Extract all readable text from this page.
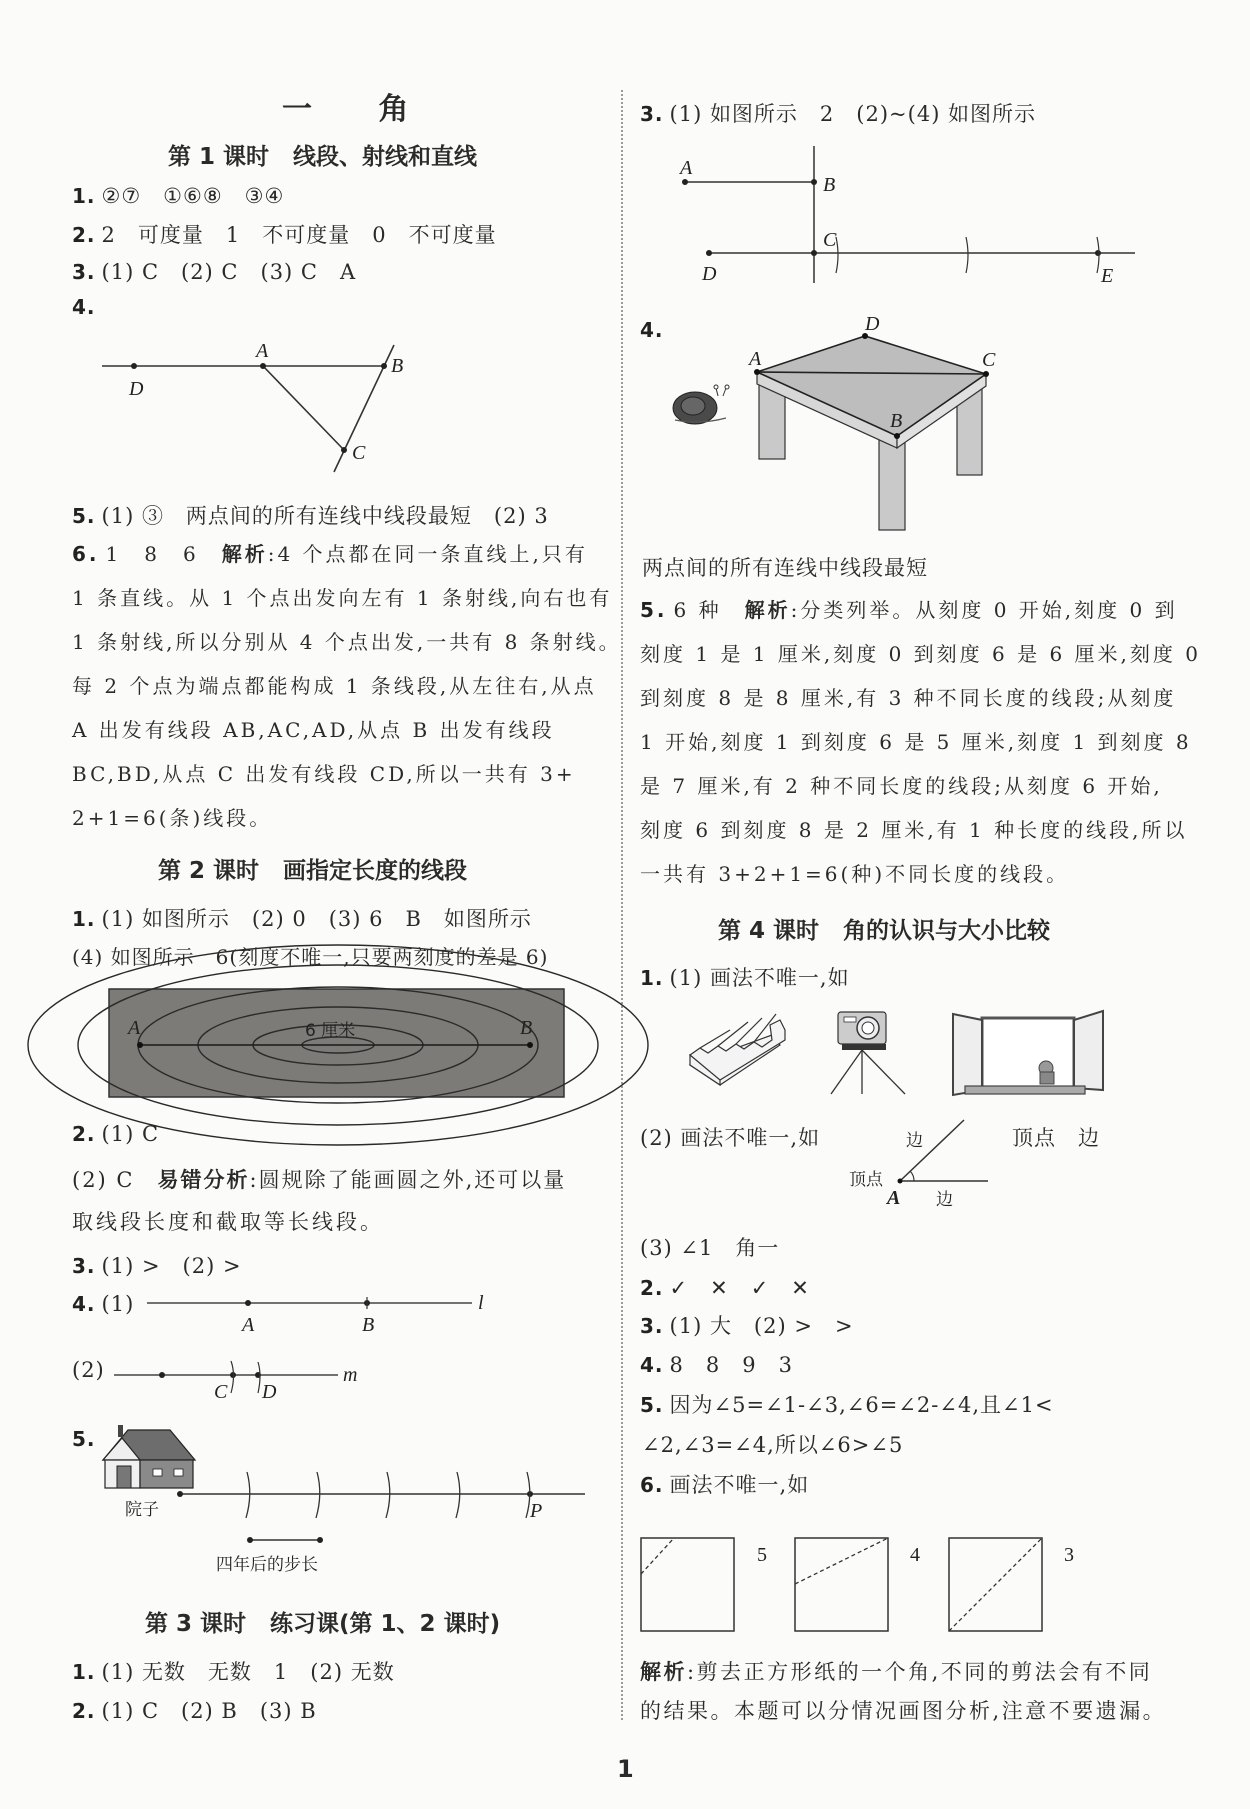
一 角
第 1 课时 线段、射线和直线
1. ②⑦　①⑥⑧　③④
2. 2　可度量　1　不可度量　0　不可度量
3. (1) C　(2) C　(3) C　A
4.
D
A
B
C
5. (1) ③　两点间的所有连线中线段最短　(2) 3
6. 1　8　6　 解析:4 个点都在同一条直线上,只有
1 条直线。从 1 个点出发向左有 1 条射线,向右也有
1 条射线,所以分别从 4 个点出发,一共有 8 条射线。
每 2 个点为端点都能构成 1 条线段,从左往右,从点
A 出发有线段 AB,AC,AD,从点 B 出发有线段
BC,BD,从点 C 出发有线段 CD,所以一共有 3+
2+1=6(条)线段。
第 2 课时 画指定长度的线段
1. (1) 如图所示　(2) 0　(3) 6　B　如图所示
(4) 如图所示　6(刻度不唯一,只要两刻度的差是 6)
A	B
6 厘米
2. (1) C
(2) C　 易错分析:圆规除了能画圆之外,还可以量
取线段长度和截取等长线段。
3. (1) >　(2) >
4. (1)
(2)
A	B
l
C D
m
5.
院子	P
四年后的步长
第 3 课时 练习课(第 1、2 课时)
1. (1) 无数　无数　1　(2) 无数
2. (1) C　(2) B　(3) B
3. (1) 如图所示　2　(2)~(4) 如图所示
A
B
C
D	E
4.
A
D
C
B
两点间的所有连线中线段最短
5. 6 种　 解析:分类列举。从刻度 0 开始,刻度 0 到
刻度 1 是 1 厘米,刻度 0 到刻度 6 是 6 厘米,刻度 0
到刻度 8 是 8 厘米,有 3 种不同长度的线段;从刻度
1 开始,刻度 1 到刻度 6 是 5 厘米,刻度 1 到刻度 8
是 7 厘米,有 2 种不同长度的线段;从刻度 6 开始,
刻度 6 到刻度 8 是 2 厘米,有 1 种长度的线段,所以
一共有 3+2+1=6(种)不同长度的线段。
第 4 课时 角的认识与大小比较
1. (1) 画法不唯一,如
(2) 画法不唯一,如	边
顶点
A 边
顶点　边
(3) ∠1　角一
2. ✓　✕　✓　✕
3. (1) 大　(2) >　>
4. 8　8　9　3
5. 因为∠5=∠1-∠3,∠6=∠2-∠4,且∠1<
∠2,∠3=∠4,所以∠6>∠5
6. 画法不唯一,如
5	4	3
解析:剪去正方形纸的一个角,不同的剪法会有不同
的结果。本题可以分情况画图分析,注意不要遗漏。
1
